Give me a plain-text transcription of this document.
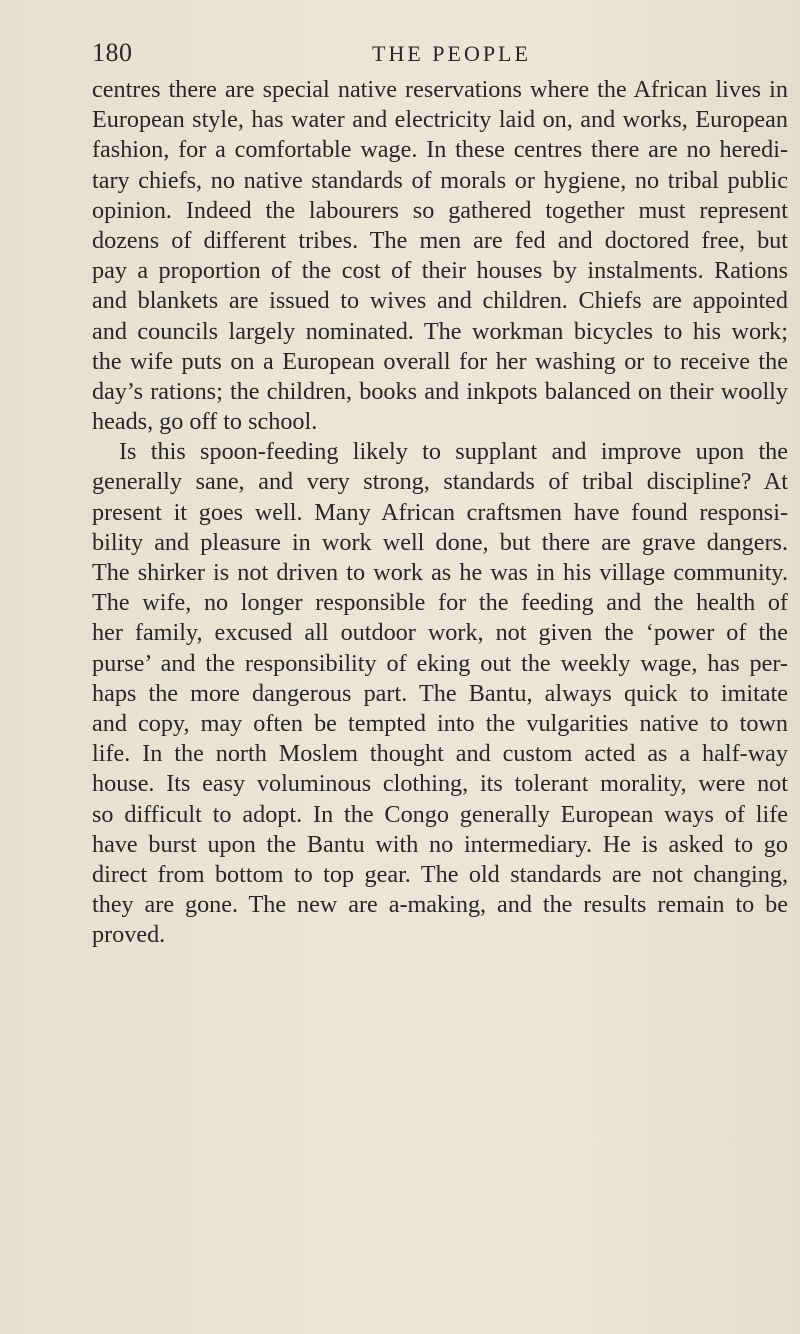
180	THE PEOPLE
centres there are special native reservations where the African lives in
European style, has water and electricity laid on, and works, European
fashion, for a comfortable wage. In these centres there are no heredi-
tary chiefs, no native standards of morals or hygiene, no tribal public
opinion. Indeed the labourers so gathered together must represent
dozens of different tribes. The men are fed and doctored free, but
pay a proportion of the cost of their houses by instalments. Rations
and blankets are issued to wives and children. Chiefs are appointed
and councils largely nominated. The workman bicycles to his work;
the wife puts on a European overall for her washing or to receive the
day’s rations; the children, books and inkpots balanced on their woolly
heads, go off to school.
Is this spoon-feeding likely to supplant and improve upon the
generally sane, and very strong, standards of tribal discipline? At
present it goes well. Many African craftsmen have found responsi-
bility and pleasure in work well done, but there are grave dangers.
The shirker is not driven to work as he was in his village community.
The wife, no longer responsible for the feeding and the health of
her family, excused all outdoor work, not given the ‘power of the
purse’ and the responsibility of eking out the weekly wage, has per-
haps the more dangerous part. The Bantu, always quick to imitate
and copy, may often be tempted into the vulgarities native to town
life. In the north Moslem thought and custom acted as a half-way
house. Its easy voluminous clothing, its tolerant morality, were not
so difficult to adopt. In the Congo generally European ways of life
have burst upon the Bantu with no intermediary. He is asked to go
direct from bottom to top gear. The old standards are not changing,
they are gone. The new are a-making, and the results remain to be
proved.
